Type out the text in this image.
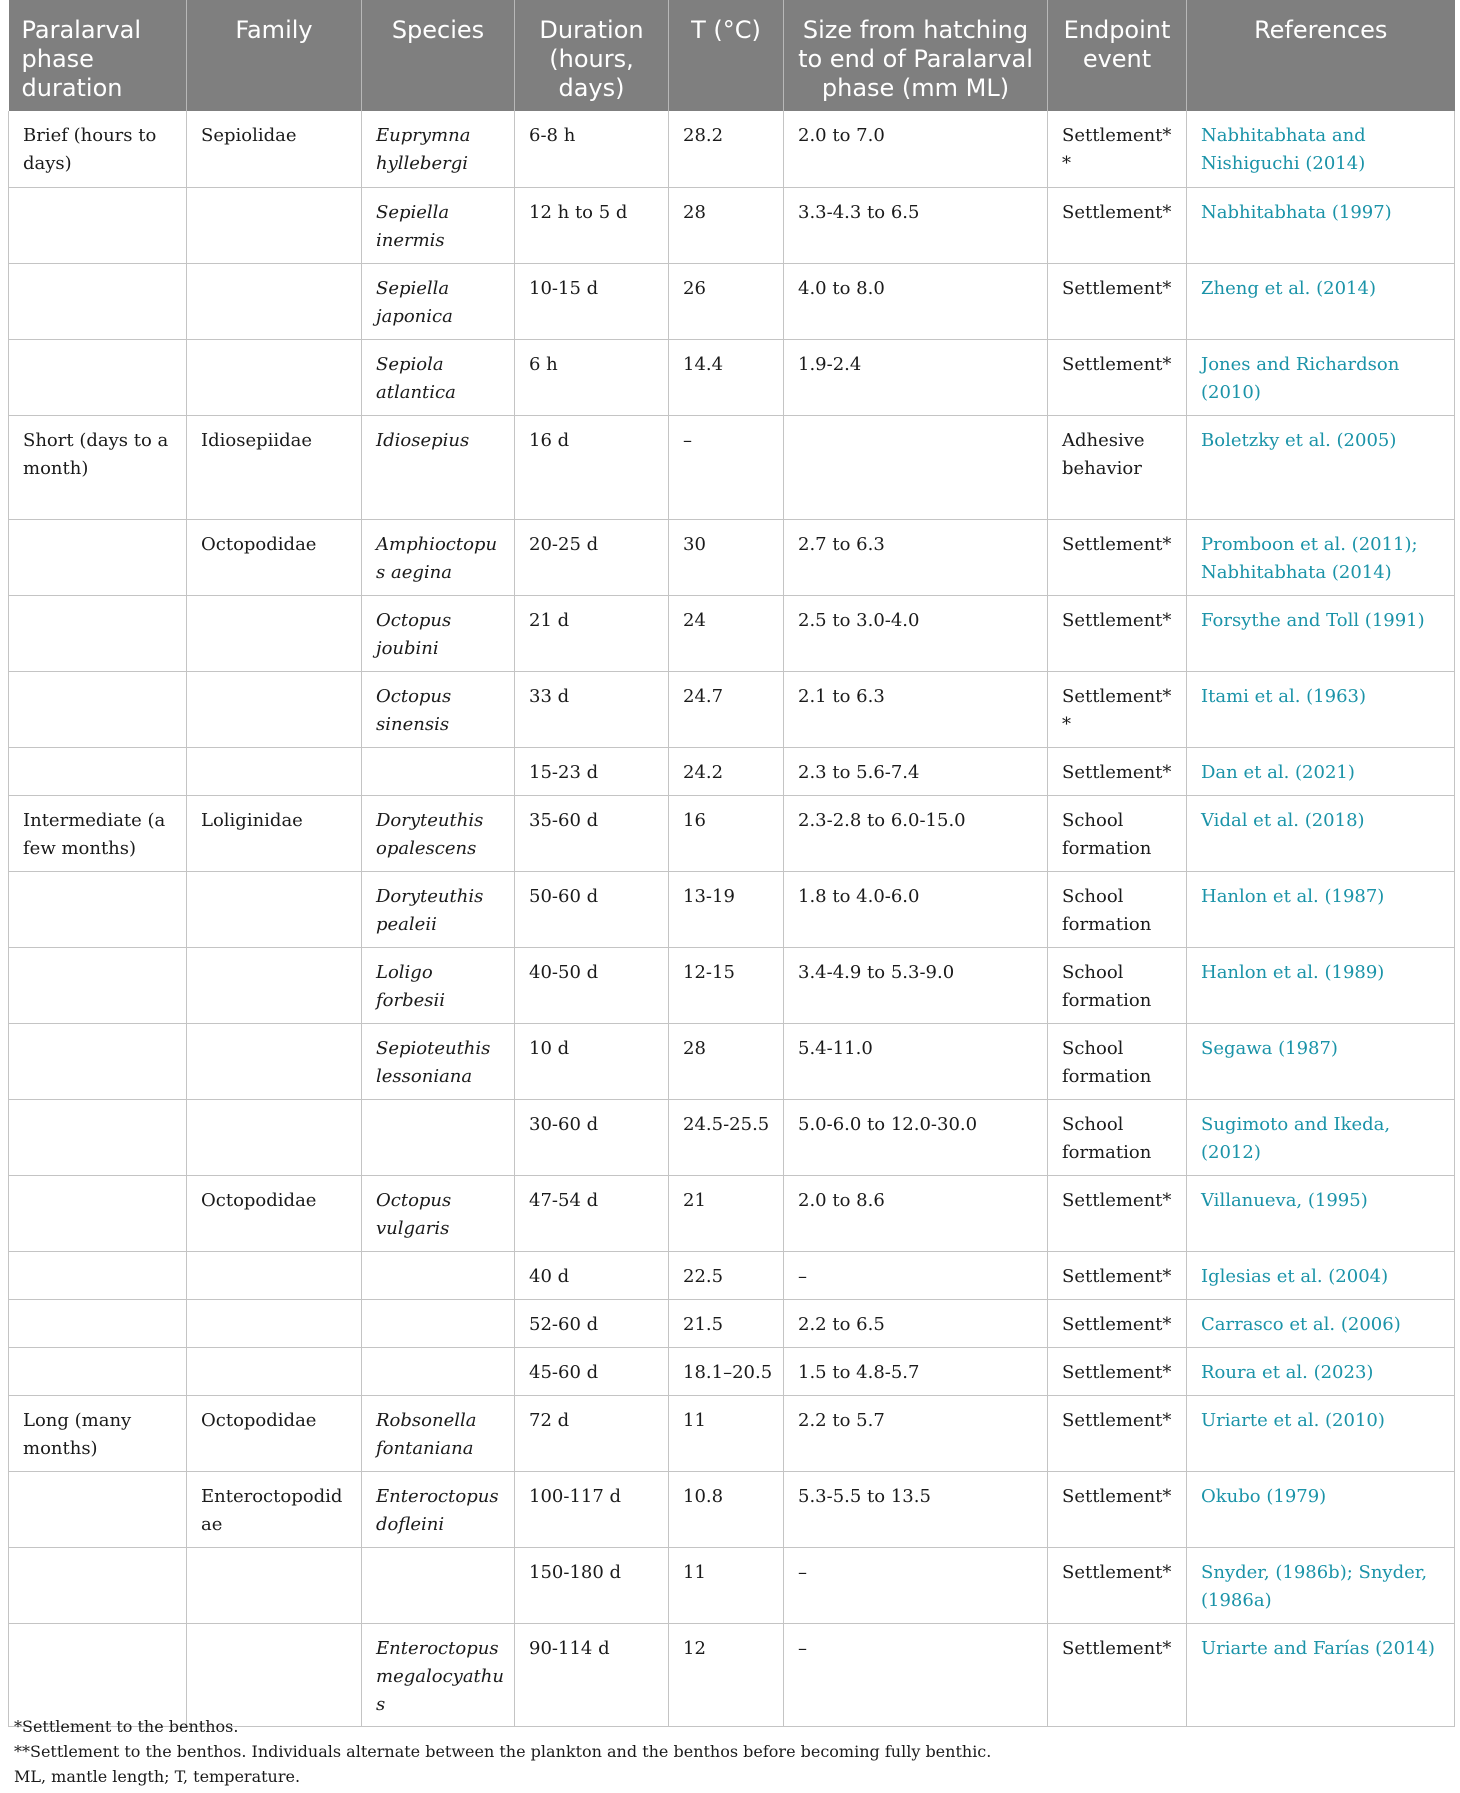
Paralarval phase duration	Family	Species	Duration (hours, days)	T (°C)	Size from hatching to end of Paralarval phase (mm ML)	Endpoint event	References
Brief (hours to days)	Sepiolidae	Euprymna hyllebergi	6-8 h	28.2	2.0 to 7.0	Settlement**	Nabhitabhata and Nishiguchi (2014)
		Sepiella inermis	12 h to 5 d	28	3.3-4.3 to 6.5	Settlement*	Nabhitabhata (1997)
		Sepiella japonica	10-15 d	26	4.0 to 8.0	Settlement*	Zheng et al. (2014)
		Sepiola atlantica	6 h	14.4	1.9-2.4	Settlement*	Jones and Richardson (2010)
Short (days to a month)	Idiosepiidae	Idiosepius	16 d	–		Adhesive behavior	Boletzky et al. (2005)
	Octopodidae	Amphioctopus aegina	20-25 d	30	2.7 to 6.3	Settlement*	Promboon et al. (2011); Nabhitabhata (2014)
		Octopus joubini	21 d	24	2.5 to 3.0-4.0	Settlement*	Forsythe and Toll (1991)
		Octopus sinensis	33 d	24.7	2.1 to 6.3	Settlement**	Itami et al. (1963)
			15-23 d	24.2	2.3 to 5.6-7.4	Settlement*	Dan et al. (2021)
Intermediate (a few months)	Loliginidae	Doryteuthis opalescens	35-60 d	16	2.3-2.8 to 6.0-15.0	School formation	Vidal et al. (2018)
		Doryteuthis pealeii	50-60 d	13-19	1.8 to 4.0-6.0	School formation	Hanlon et al. (1987)
		Loligo forbesii	40-50 d	12-15	3.4-4.9 to 5.3-9.0	School formation	Hanlon et al. (1989)
		Sepioteuthis lessoniana	10 d	28	5.4-11.0	School formation	Segawa (1987)
			30-60 d	24.5-25.5	5.0-6.0 to 12.0-30.0	School formation	Sugimoto and Ikeda, (2012)
	Octopodidae	Octopus vulgaris	47-54 d	21	2.0 to 8.6	Settlement*	Villanueva, (1995)
			40 d	22.5	–	Settlement*	Iglesias et al. (2004)
			52-60 d	21.5	2.2 to 6.5	Settlement*	Carrasco et al. (2006)
			45-60 d	18.1–20.5	1.5 to 4.8-5.7	Settlement*	Roura et al. (2023)
Long (many months)	Octopodidae	Robsonella fontaniana	72 d	11	2.2 to 5.7	Settlement*	Uriarte et al. (2010)
	Enteroctopodidae	Enteroctopus dofleini	100-117 d	10.8	5.3-5.5 to 13.5	Settlement*	Okubo (1979)
			150-180 d	11	–	Settlement*	Snyder, (1986b); Snyder, (1986a)
		Enteroctopus megalocyathus	90-114 d	12	–	Settlement*	Uriarte and Farías (2014)
*Settlement to the benthos.
**Settlement to the benthos. Individuals alternate between the plankton and the benthos before becoming fully benthic.
ML, mantle length; T, temperature.
